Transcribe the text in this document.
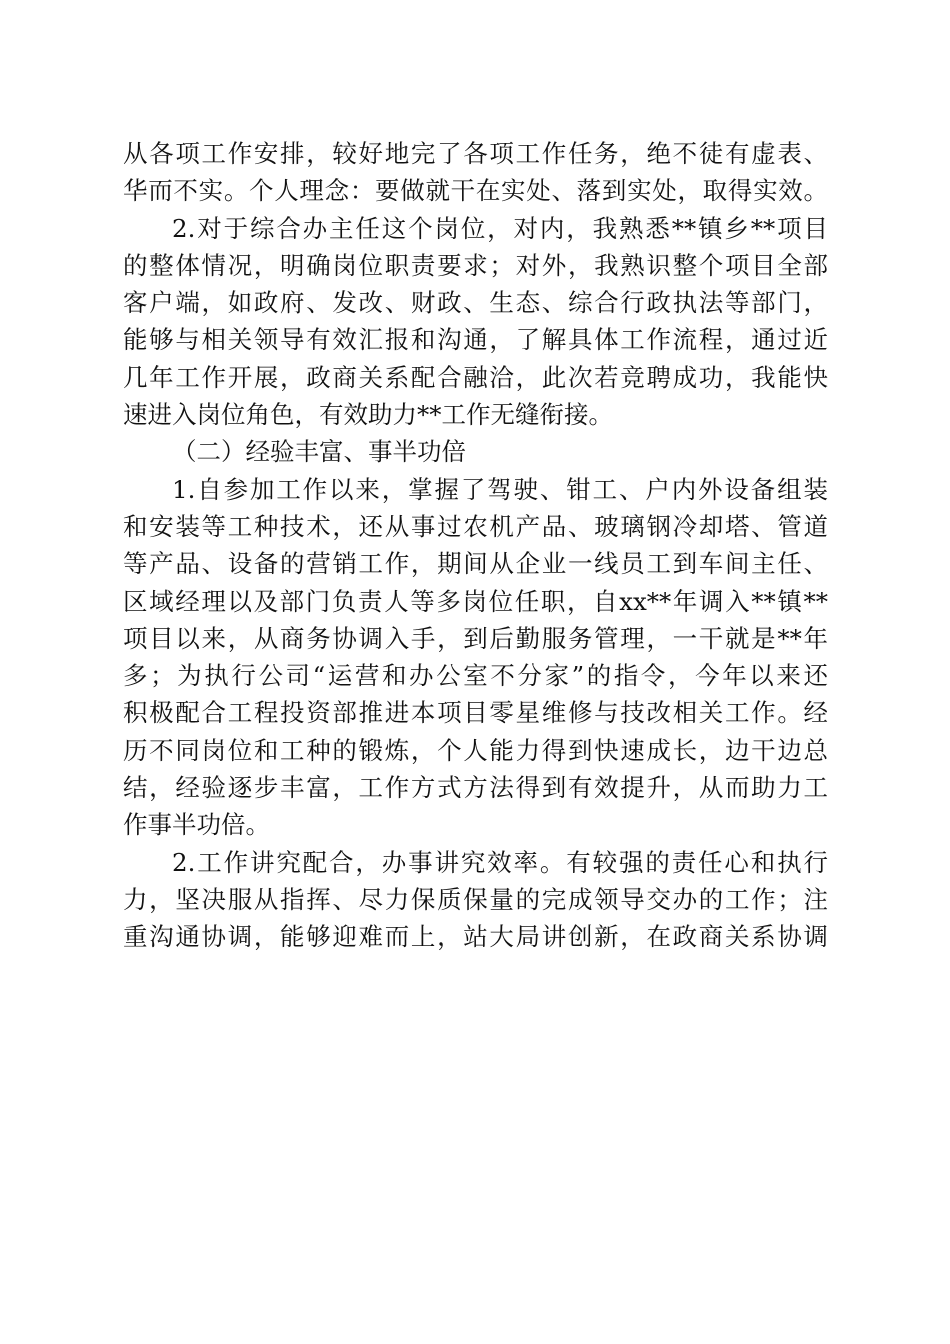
从各项工作安排，较好地完了各项工作任务，绝不徒有虚表、
华而不实。个人理念：要做就干在实处、落到实处，取得实效。
2.对于综合办主任这个岗位，对内，我熟悉**镇乡**项目
的整体情况，明确岗位职责要求；对外，我熟识整个项目全部
客户端，如政府、发改、财政、生态、综合行政执法等部门，
能够与相关领导有效汇报和沟通，了解具体工作流程，通过近
几年工作开展，政商关系配合融洽，此次若竞聘成功，我能快
速进入岗位角色，有效助力**工作无缝衔接。
（二）经验丰富、事半功倍
1.自参加工作以来，掌握了驾驶、钳工、户内外设备组装
和安装等工种技术，还从事过农机产品、玻璃钢冷却塔、管道
等产品、设备的营销工作，期间从企业一线员工到车间主任、
区域经理以及部门负责人等多岗位任职，自xx**年调入**镇**
项目以来，从商务协调入手，到后勤服务管理，一干就是**年
多；为执行公司“运营和办公室不分家”的指令，今年以来还
积极配合工程投资部推进本项目零星维修与技改相关工作。经
历不同岗位和工种的锻炼，个人能力得到快速成长，边干边总
结，经验逐步丰富，工作方式方法得到有效提升，从而助力工
作事半功倍。
2.工作讲究配合，办事讲究效率。有较强的责任心和执行
力，坚决服从指挥、尽力保质保量的完成领导交办的工作；注
重沟通协调，能够迎难而上，站大局讲创新，在政商关系协调
